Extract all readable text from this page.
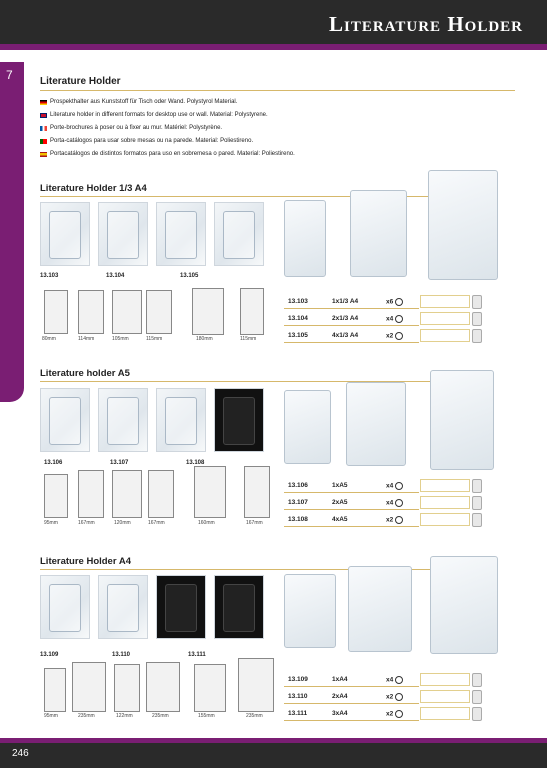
Literature Holder
7	Literature Holder
Prospekthalter aus Kunststoff für Tisch oder Wand. Polystyrol Material.
Literature holder in different formats for desktop use or wall. Material: Polystyrene.
Porte-brochures à poser ou à fixer au mur. Matériel: Polystyrène.
Porta-catálogos para usar sobre mesas ou na parede. Material: Poliestireno.
Portacatálogos de distintos formatos para uso en sobremesa o pared. Material: Poliestireno.
Literature Holder 1/3 A4
13.103	13.104	13.105
80mm	114mm	105mm	115mm	180mm	115mm
13.103	1x1/3 A4	x6
13.104	2x1/3 A4	x4
13.105	4x1/3 A4	x2
Literature holder A5
13.106	13.107	13.108
95mm	167mm	120mm	167mm	160mm	167mm
13.106	1xA5	x4
13.107	2xA5	x4
13.108	4xA5	x2
Literature Holder A4
13.109	13.110	13.111
95mm	235mm	122mm	235mm	155mm	235mm
13.109	1xA4	x4
13.110	2xA4	x2
13.111	3xA4	x2
246
